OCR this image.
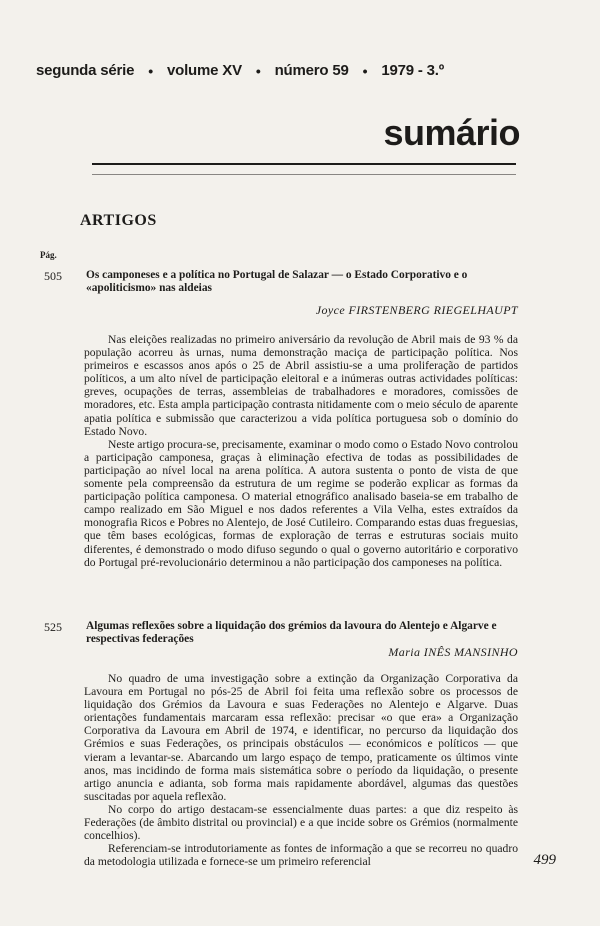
segunda série • volume XV • número 59 • 1979 - 3.º
sumário
ARTIGOS
Pág.
505 Os camponeses e a política no Portugal de Salazar — o Estado Corporativo e o «apoliticismo» nas aldeias
Joyce FIRSTENBERG RIEGELHAUPT

Nas eleições realizadas no primeiro aniversário da revolução de Abril mais de 93 % da população acorreu às urnas, numa demonstração maciça de participação política. Nos primeiros e escassos anos após o 25 de Abril assistiu-se a uma proliferação de partidos políticos, a um alto nível de participação eleitoral e a inúmeras outras actividades políticas: greves, ocupações de terras, assembleias de trabalhadores e moradores, comissões de moradores, etc. Esta ampla participação contrasta nitidamente com o meio século de aparente apatia política e submissão que caracterizou a vida política portuguesa sob o domínio do Estado Novo.

Neste artigo procura-se, precisamente, examinar o modo como o Estado Novo controlou a participação camponesa, graças à eliminação efectiva de todas as possibilidades de participação ao nível local na arena política. A autora sustenta o ponto de vista de que somente pela compreensão da estrutura de um regime se poderão explicar as formas da participação política camponesa. O material etnográfico analisado baseia-se em trabalho de campo realizado em São Miguel e nos dados referentes a Vila Velha, estes extraídos da monografia Ricos e Pobres no Alentejo, de José Cutileiro. Comparando estas duas freguesias, que têm bases ecológicas, formas de exploração de terras e estruturas sociais muito diferentes, é demonstrado o modo difuso segundo o qual o governo autoritário e corporativo do Portugal pré-revolucionário determinou a não participação dos camponeses na política.

525 Algumas reflexões sobre a liquidação dos grémios da lavoura do Alentejo e Algarve e respectivas federações
Maria INÊS MANSINHO

No quadro de uma investigação sobre a extinção da Organização Corporativa da Lavoura em Portugal no pós-25 de Abril foi feita uma reflexão sobre os processos de liquidação dos Grémios da Lavoura e suas Federações no Alentejo e Algarve. Duas orientações fundamentais marcaram essa reflexão: precisar «o que era» a Organização Corporativa da Lavoura em Abril de 1974, e identificar, no percurso da liquidação dos Grémios e suas Federações, os principais obstáculos — económicos e políticos — que vieram a levantar-se. Abarcando um largo espaço de tempo, praticamente os últimos vinte anos, mas incidindo de forma mais sistemática sobre o período da liquidação, o presente artigo anuncia e adianta, sob forma mais rapidamente abordável, algumas das questões suscitadas por aquela reflexão.

No corpo do artigo destacam-se essencialmente duas partes: a que diz respeito às Federações (de âmbito distrital ou provincial) e a que incide sobre os Grémios (normalmente concelhios).

Referenciam-se introdutoriamente as fontes de informação a que se recorreu no quadro da metodologia utilizada e fornece-se um primeiro referencial	499
